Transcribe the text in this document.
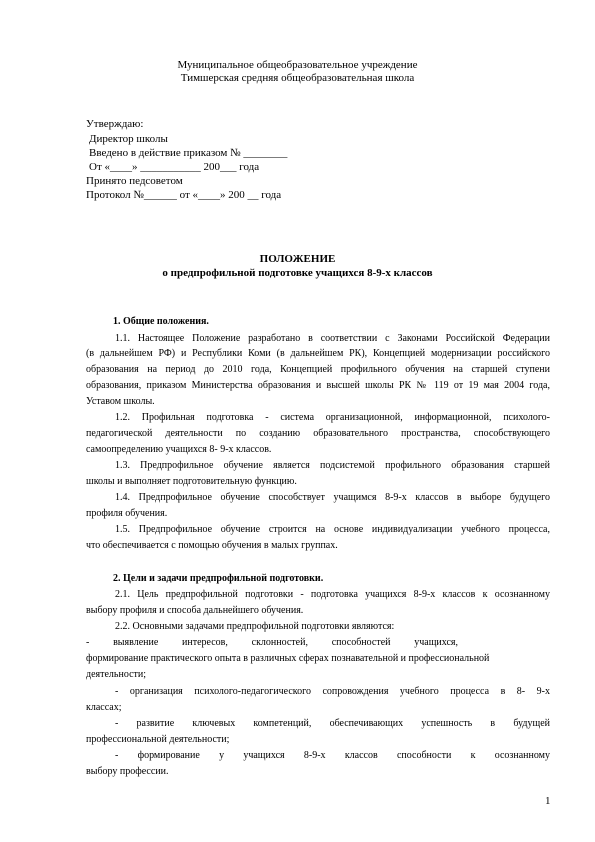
Муниципальное общеобразовательное учреждение
Тимшерская средняя общеобразовательная школа
Утверждаю:
Директор школы
Введено в действие приказом № ________
От «____» ___________ 200___ года
Принято педсоветом
Протокол №______ от «____» 200 __ года
ПОЛОЖЕНИЕ
о предпрофильной подготовке учащихся 8-9-х классов
1. Общие положения.
1.1. Настоящее Положение разработано в соответствии с Законами Российской Федерации
(в дальнейшем РФ) и Республики Коми (в дальнейшем РК), Концепцией модернизации российского
образования на период до 2010 года, Концепцией профильного обучения на старшей ступени
образования, приказом Министерства образования и высшей школы РК № 119 от 19 мая 2004 года,
Уставом школы.
1.2. Профильная подготовка - система организационной, информационной, психолого-
педагогической деятельности по созданию образовательного пространства, способствующего
самоопределению учащихся 8- 9-х классов.
1.3. Предпрофильное обучение является подсистемой профильного образования старшей
школы и выполняет подготовительную функцию.
1.4. Предпрофильное обучение способствует учащимся 8-9-х классов в выборе будущего
профиля обучения.
1.5. Предпрофильное обучение строится на основе индивидуализации учебного процесса,
что обеспечивается с помощью обучения в малых группах.
2. Цели и задачи предпрофильной подготовки.
2.1. Цель предпрофильной подготовки - подготовка учащихся 8-9-х классов к осознанному
выбору профиля и способа дальнейшего обучения.
2.2. Основными задачами предпрофильной подготовки являются:
- выявление интересов, склонностей, способностей учащихся,
формирование практического опыта в различных сферах познавательной и профессиональной
деятельности;
- организация психолого-педагогического сопровождения учебного процесса в 8- 9-х
классах;
- развитие ключевых компетенций, обеспечивающих успешность в будущей
профессиональной деятельности;
- формирование у учащихся 8-9-х классов способности к осознанному
выбору профессии.
1
